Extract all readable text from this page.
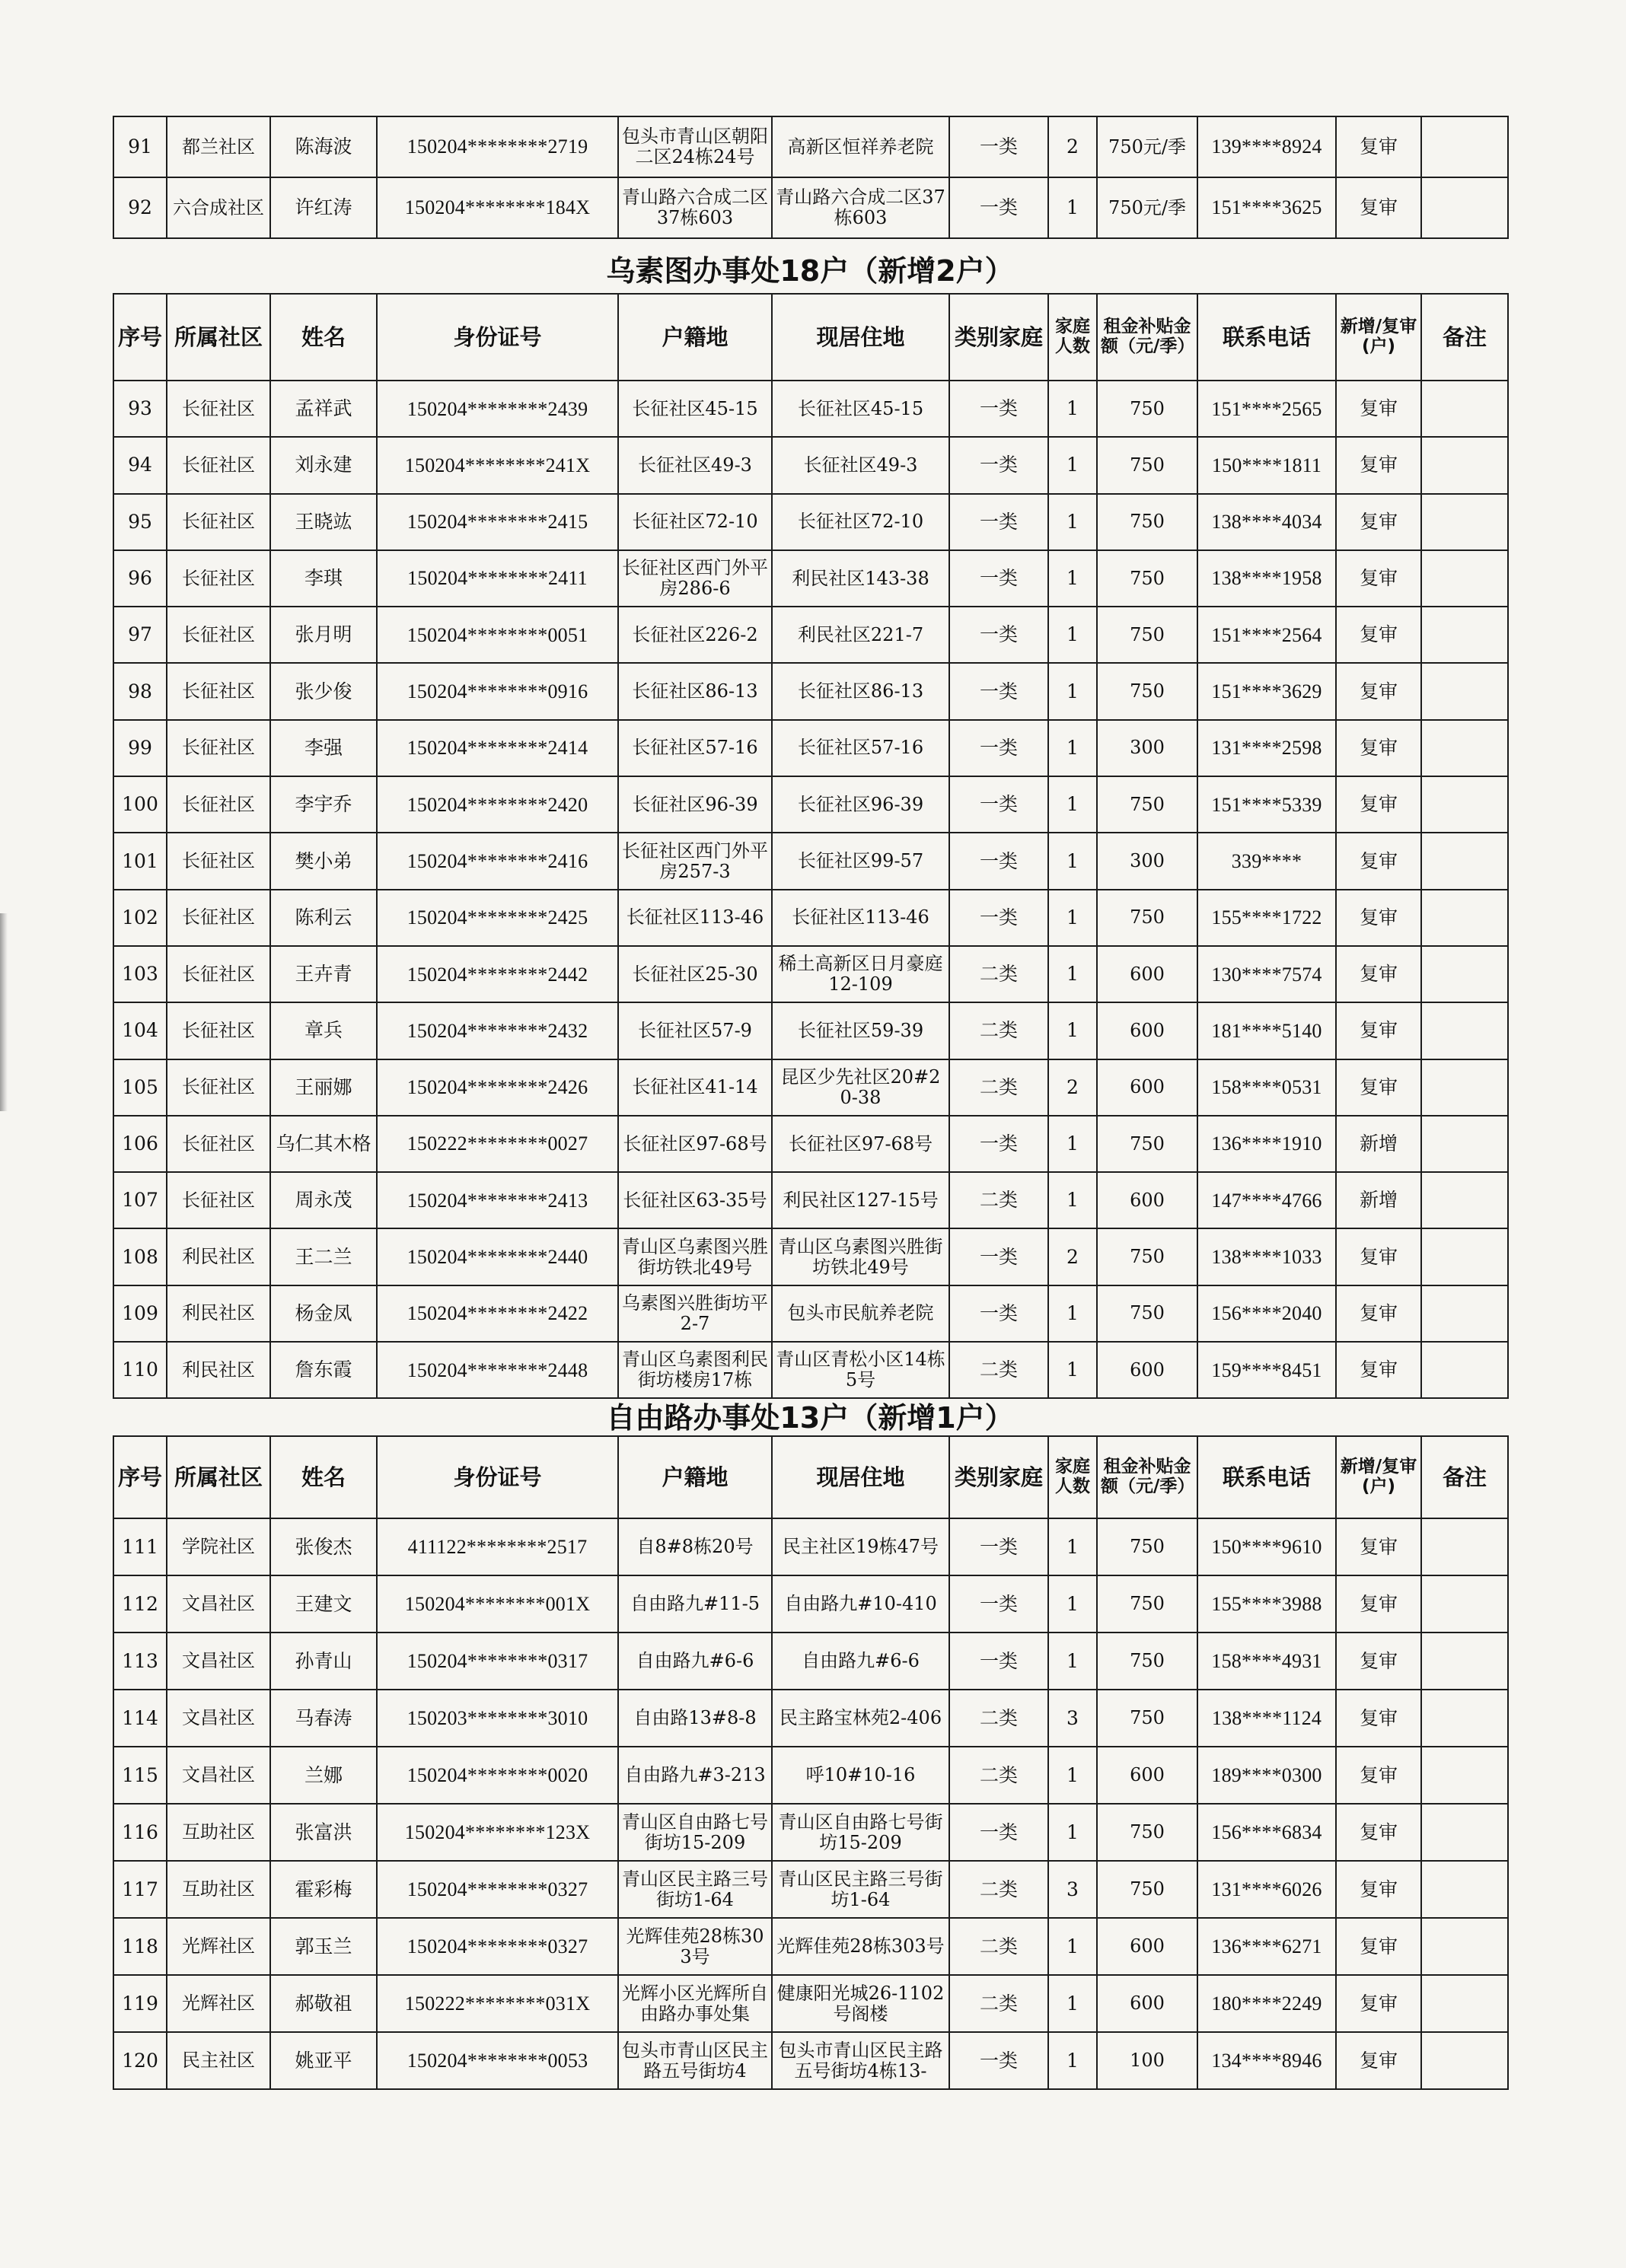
91	都兰社区	陈海波	150204********2719	包头市青山区朝阳二区24栋24号	高新区恒祥养老院	一类	2	750元/季	139****8924	复审	
92	六合成社区	许红涛	150204********184X	青山路六合成二区37栋603	青山路六合成二区37栋603	一类	1	750元/季	151****3625	复审	
乌素图办事处18户（新增2户）
序号	所属社区	姓名	身份证号	户籍地	现居住地	类别家庭	家庭人数	租金补贴金额（元/季）	联系电话	新增/复审(户)	备注
93	长征社区	孟祥武	150204********2439	长征社区45-15	长征社区45-15	一类	1	750	151****2565	复审	
94	长征社区	刘永建	150204********241X	长征社区49-3	长征社区49-3	一类	1	750	150****1811	复审	
95	长征社区	王晓竑	150204********2415	长征社区72-10	长征社区72-10	一类	1	750	138****4034	复审	
96	长征社区	李琪	150204********2411	长征社区西门外平房286-6	利民社区143-38	一类	1	750	138****1958	复审	
97	长征社区	张月明	150204********0051	长征社区226-2	利民社区221-7	一类	1	750	151****2564	复审	
98	长征社区	张少俊	150204********0916	长征社区86-13	长征社区86-13	一类	1	750	151****3629	复审	
99	长征社区	李强	150204********2414	长征社区57-16	长征社区57-16	一类	1	300	131****2598	复审	
100	长征社区	李宇乔	150204********2420	长征社区96-39	长征社区96-39	一类	1	750	151****5339	复审	
101	长征社区	樊小弟	150204********2416	长征社区西门外平房257-3	长征社区99-57	一类	1	300	339****	复审	
102	长征社区	陈利云	150204********2425	长征社区113-46	长征社区113-46	一类	1	750	155****1722	复审	
103	长征社区	王卉青	150204********2442	长征社区25-30	稀土高新区日月豪庭12-109	二类	1	600	130****7574	复审	
104	长征社区	章兵	150204********2432	长征社区57-9	长征社区59-39	二类	1	600	181****5140	复审	
105	长征社区	王丽娜	150204********2426	长征社区41-14	昆区少先社区20#20-38	二类	2	600	158****0531	复审	
106	长征社区	乌仁其木格	150222********0027	长征社区97-68号	长征社区97-68号	一类	1	750	136****1910	新增	
107	长征社区	周永茂	150204********2413	长征社区63-35号	利民社区127-15号	二类	1	600	147****4766	新增	
108	利民社区	王二兰	150204********2440	青山区乌素图兴胜街坊铁北49号	青山区乌素图兴胜街坊铁北49号	一类	2	750	138****1033	复审	
109	利民社区	杨金凤	150204********2422	乌素图兴胜街坊平2-7	包头市民航养老院	一类	1	750	156****2040	复审	
110	利民社区	詹东霞	150204********2448	青山区乌素图利民街坊楼房17栋	青山区青松小区14栋5号	二类	1	600	159****8451	复审	
自由路办事处13户（新增1户）
序号	所属社区	姓名	身份证号	户籍地	现居住地	类别家庭	家庭人数	租金补贴金额（元/季）	联系电话	新增/复审(户)	备注
111	学院社区	张俊杰	411122********2517	自8#8栋20号	民主社区19栋47号	一类	1	750	150****9610	复审	
112	文昌社区	王建文	150204********001X	自由路九#11-5	自由路九#10-410	一类	1	750	155****3988	复审	
113	文昌社区	孙青山	150204********0317	自由路九#6-6	自由路九#6-6	一类	1	750	158****4931	复审	
114	文昌社区	马春涛	150203********3010	自由路13#8-8	民主路宝林苑2-406	二类	3	750	138****1124	复审	
115	文昌社区	兰娜	150204********0020	自由路九#3-213	呼10#10-16	二类	1	600	189****0300	复审	
116	互助社区	张富洪	150204********123X	青山区自由路七号街坊15-209	青山区自由路七号街坊15-209	一类	1	750	156****6834	复审	
117	互助社区	霍彩梅	150204********0327	青山区民主路三号街坊1-64	青山区民主路三号街坊1-64	二类	3	750	131****6026	复审	
118	光辉社区	郭玉兰	150204********0327	光辉佳苑28栋303号	光辉佳苑28栋303号	二类	1	600	136****6271	复审	
119	光辉社区	郝敬祖	150222********031X	光辉小区光辉所自由路办事处集	健康阳光城26-1102号阁楼	二类	1	600	180****2249	复审	
120	民主社区	姚亚平	150204********0053	包头市青山区民主路五号街坊4	包头市青山区民主路五号街坊4栋13-	一类	1	100	134****8946	复审	
